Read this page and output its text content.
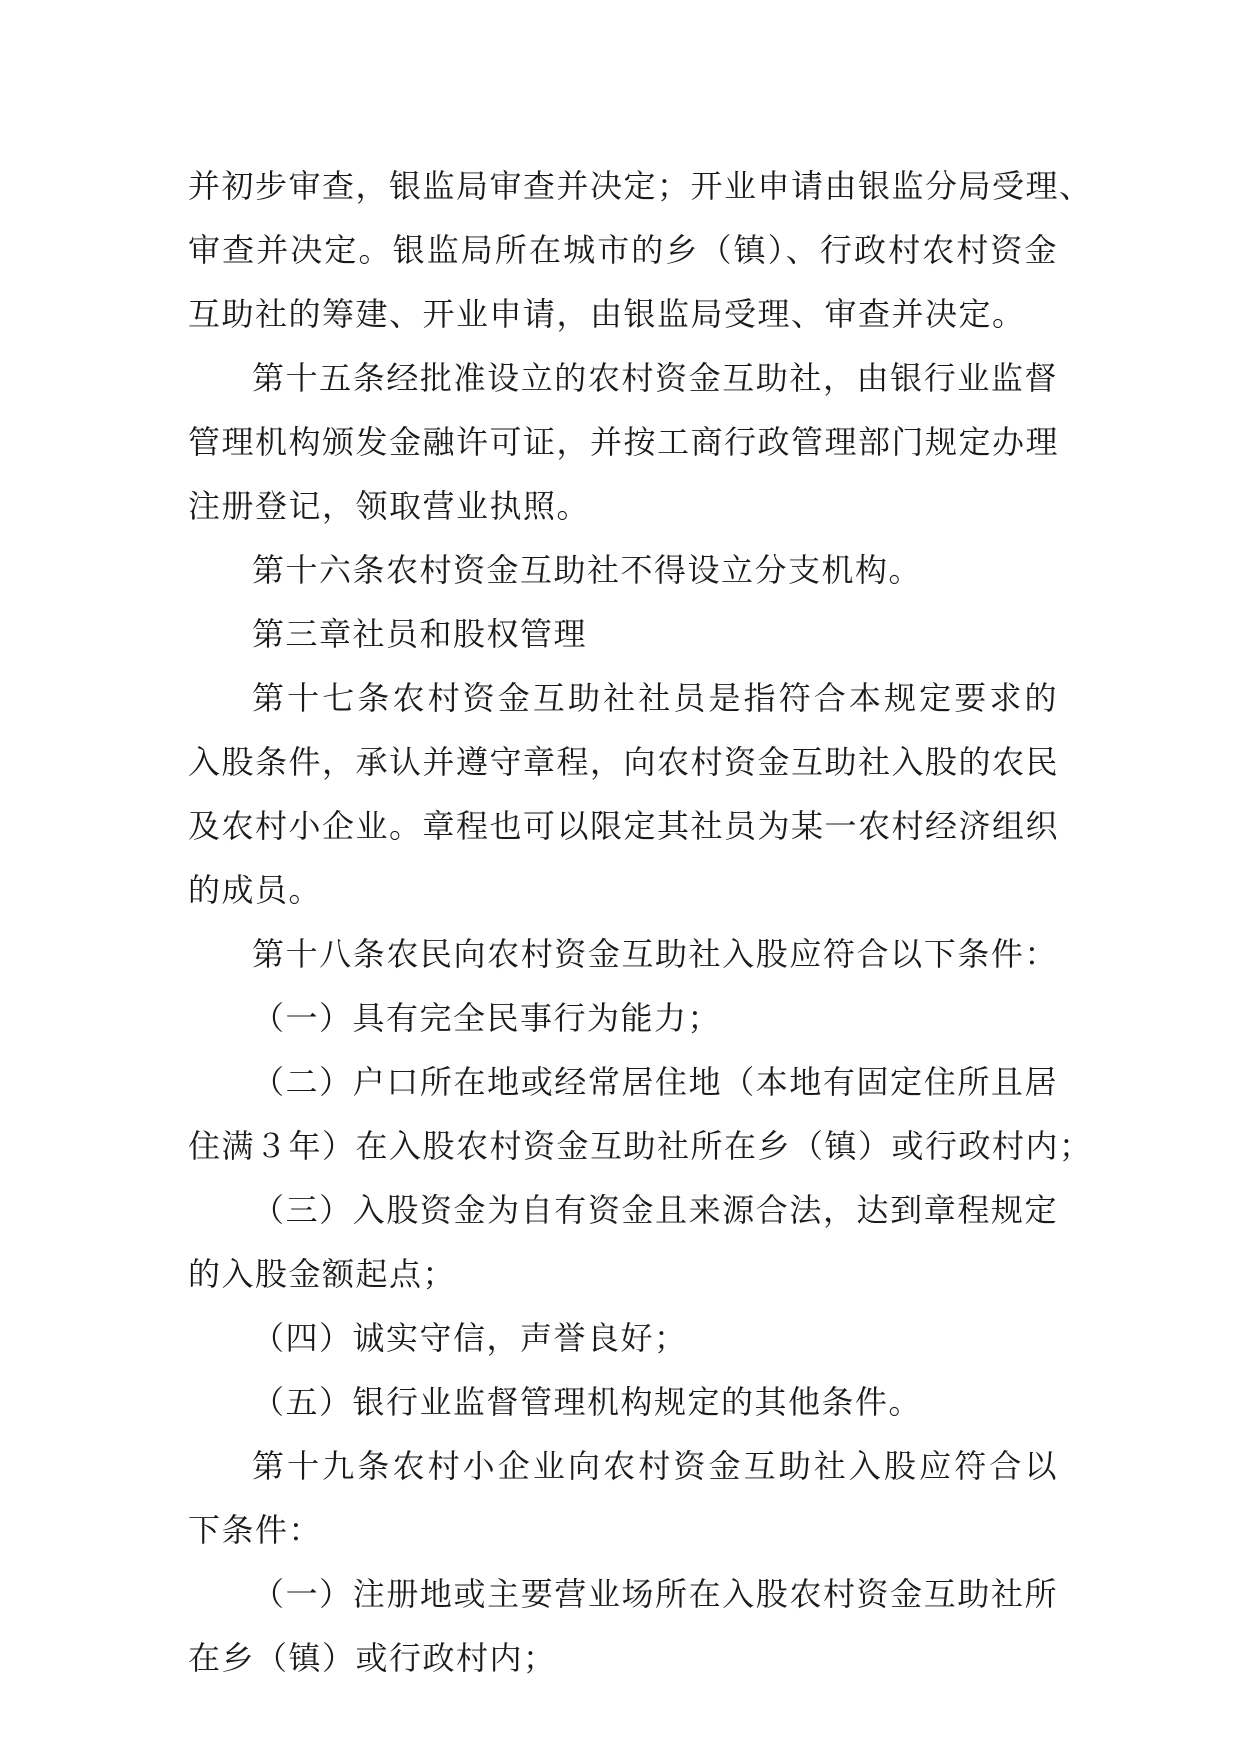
并初步审查，银监局审查并决定；开业申请由银监分局受理、
审查并决定。银监局所在城市的乡（镇）、行政村农村资金
互助社的筹建、开业申请，由银监局受理、审查并决定。
第十五条经批准设立的农村资金互助社，由银行业监督
管理机构颁发金融许可证，并按工商行政管理部门规定办理
注册登记，领取营业执照。
第十六条农村资金互助社不得设立分支机构。
第三章社员和股权管理
第十七条农村资金互助社社员是指符合本规定要求的
入股条件，承认并遵守章程，向农村资金互助社入股的农民
及农村小企业。章程也可以限定其社员为某一农村经济组织
的成员。
第十八条农民向农村资金互助社入股应符合以下条件：
（一）具有完全民事行为能力；
（二）户口所在地或经常居住地（本地有固定住所且居
住满３年）在入股农村资金互助社所在乡（镇）或行政村内；
（三）入股资金为自有资金且来源合法，达到章程规定
的入股金额起点；
（四）诚实守信，声誉良好；
（五）银行业监督管理机构规定的其他条件。
第十九条农村小企业向农村资金互助社入股应符合以
下条件：
（一）注册地或主要营业场所在入股农村资金互助社所
在乡（镇）或行政村内；
